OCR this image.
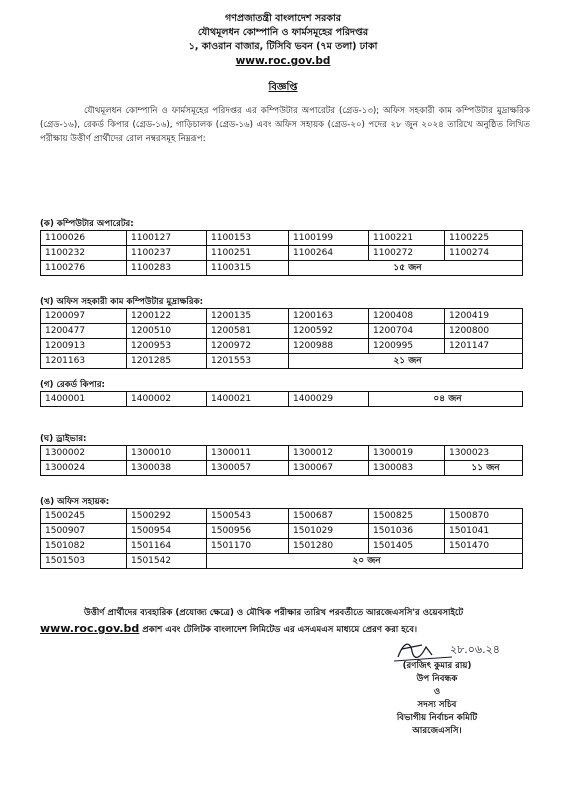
গণপ্রজাতন্ত্রী বাংলাদেশ সরকার
যৌথমূলধন কোম্পানি ও ফার্মসমূহের পরিদপ্তর
১, কাওরান বাজার, টিসিবি ভবন (৭ম তলা) ঢাকা
www.roc.gov.bd
বিজ্ঞপ্তি
যৌথমূলধন কোম্পানি ও ফার্মসমূহের পরিদপ্তর এর কম্পিউটার অপারেটর (গ্রেড-১৩); অফিস সহকারী কাম কম্পিউটার মুদ্রাক্ষরিক (গ্রেড-১৬), রেকর্ড কিপার (গ্রেড-১৬), গাড়িচালক (গ্রেড-১৬) এবং অফিস সহায়ক (গ্রেড-২০) পদের ২৮ জুন ২০২৪ তারিখে অনুষ্ঠিত লিখিত পরীক্ষায় উত্তীর্ণ প্রার্থীদের রোল নম্বরসমূহ নিম্নরূপ:
(ক) কম্পিউটার অপারেটর:
1100026	1100127	1100153	1100199	1100221	1100225
1100232	1100237	1100251	1100264	1100272	1100274
1100276	1100283	1100315	১৫ জন		
(খ) অফিস সহকারী কাম কম্পিউটার মুদ্রাক্ষরিক:
1200097	1200122	1200135	1200163	1200408	1200419
1200477	1200510	1200581	1200592	1200704	1200800
1200913	1200953	1200972	1200988	1200995	1201147
1201163	1201285	1201553	২১ জন		
(গ) রেকর্ড কিপার:
1400001	1400002	1400021	1400029	০৪ জন
(ঘ) ড্রাইভার:
1300002	1300010	1300011	1300012	1300019	1300023
1300024	1300038	1300057	1300067	1300083	১১ জন
(ঙ) অফিস সহায়ক:
1500245	1500292	1500543	1500687	1500825	1500870
1500907	1500954	1500956	1501029	1501036	1501041
1501082	1501164	1501170	1501280	1501405	1501470
1501503	1501542	২০ জন			
উত্তীর্ণ প্রার্থীদের ব্যবহারিক (প্রযোজ্য ক্ষেত্রে) ও মৌখিক পরীক্ষার তারিখ পরবর্তীতে আরজেএসসি'র ওয়েবসাইটে
www.roc.gov.bd প্রকাশ এবং টেলিটক বাংলাদেশ লিমিটেড এর এসএমএস মাধ্যমে প্রেরণ করা হবে।
২৮.০৬.২৪
(রণজিৎ কুমার রায়)
উপ নিবন্ধক
ও
সদস্য সচিব
বিভাগীয় নির্বাচন কমিটি
আরজেএসসি।
